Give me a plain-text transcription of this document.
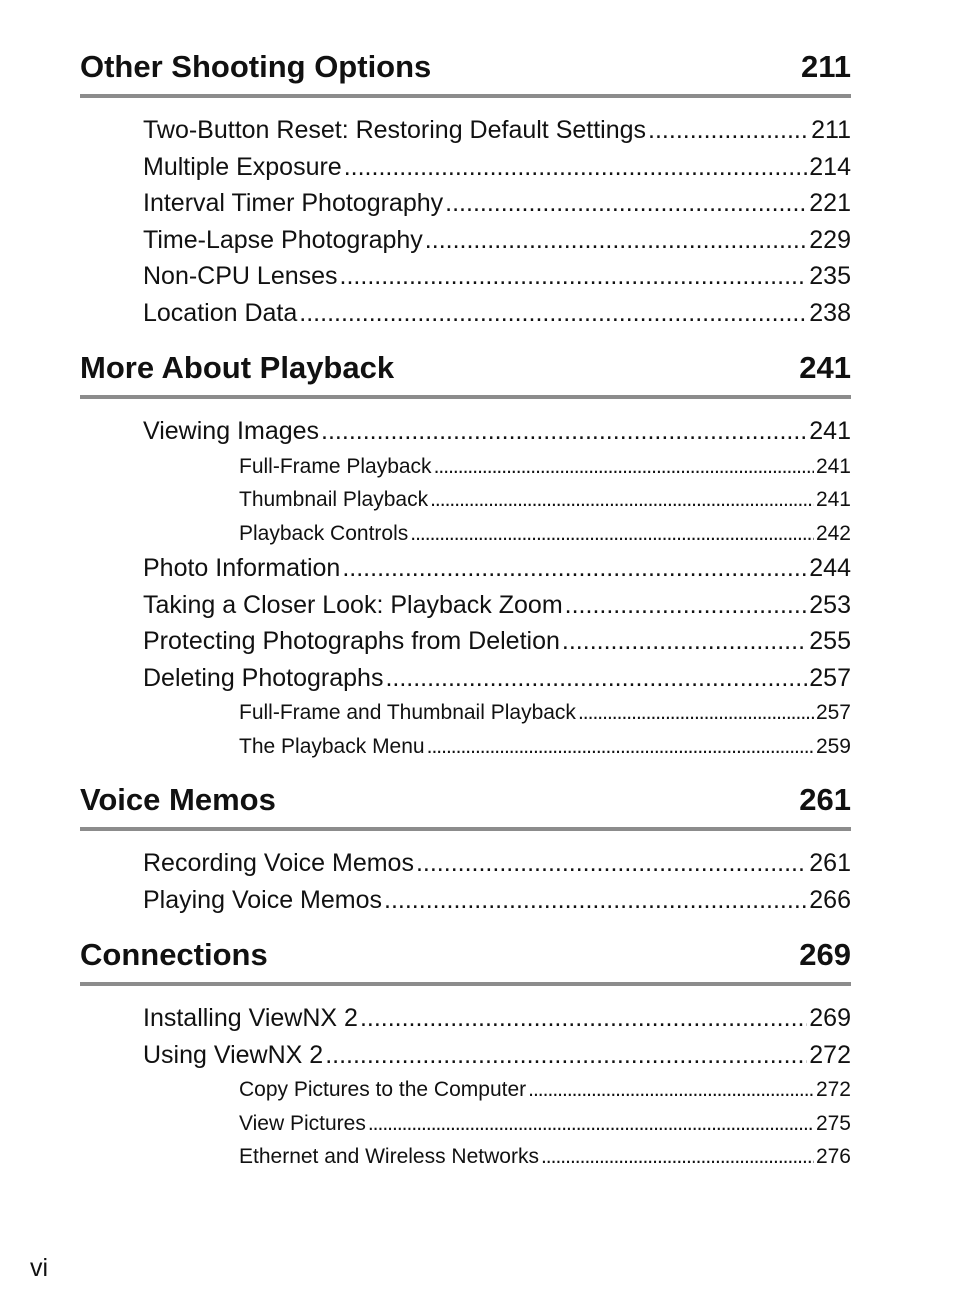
Other Shooting Options	211
Two-Button Reset: Restoring Default Settings .....	211
Multiple Exposure .....	214
Interval Timer Photography .....	221
Time-Lapse Photography .....	229
Non-CPU Lenses .....	235
Location Data .....	238
More About Playback	241
Viewing Images .....	241
Full-Frame Playback .....	241
Thumbnail Playback .....	241
Playback Controls .....	242
Photo Information .....	244
Taking a Closer Look: Playback Zoom .....	253
Protecting Photographs from Deletion .....	255
Deleting Photographs .....	257
Full-Frame and Thumbnail Playback .....	257
The Playback Menu .....	259
Voice Memos	261
Recording Voice Memos .....	261
Playing Voice Memos .....	266
Connections	269
Installing ViewNX 2 .....	269
Using ViewNX 2 .....	272
Copy Pictures to the Computer .....	272
View Pictures .....	275
Ethernet and Wireless Networks .....	276
vi
